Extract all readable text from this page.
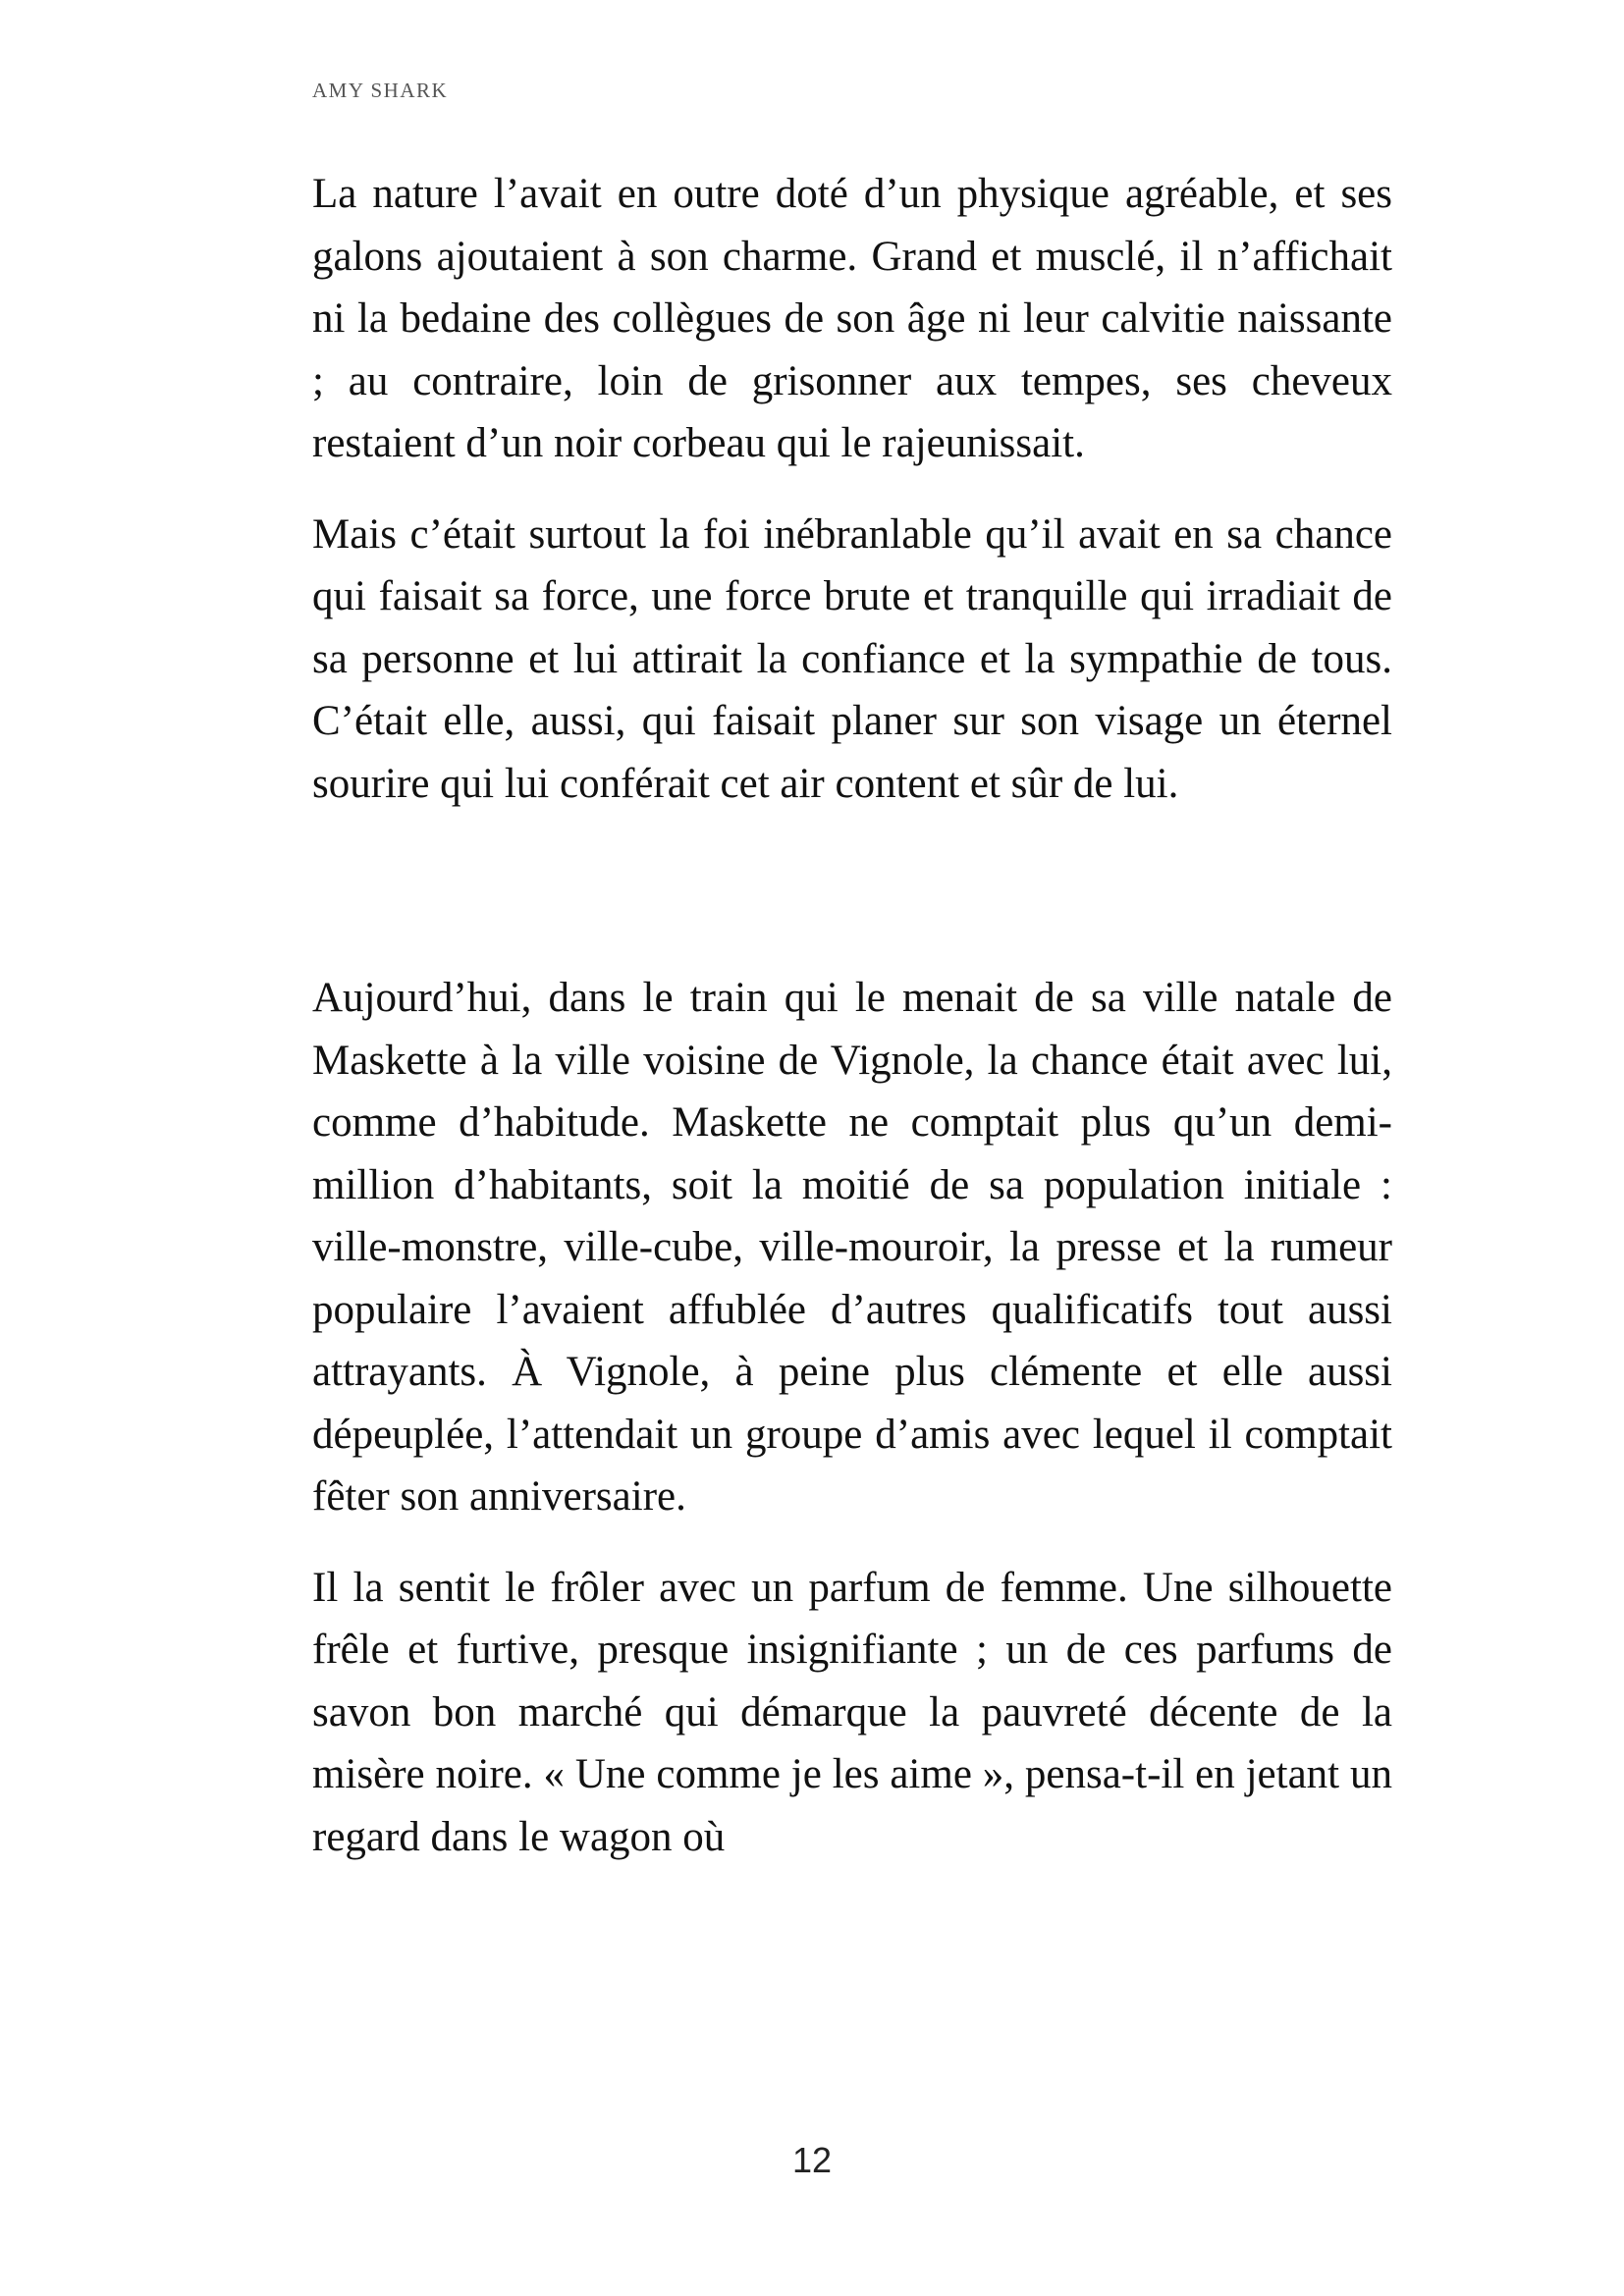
AMY SHARK

La nature l’avait en outre doté d’un physique agréable, et ses galons ajoutaient à son charme. Grand et musclé, il n’affichait ni la bedaine des collègues de son âge ni leur calvitie naissante ; au contraire, loin de grisonner aux tempes, ses cheveux restaient d’un noir corbeau qui le rajeunissait.

Mais c’était surtout la foi inébranlable qu’il avait en sa chance qui faisait sa force, une force brute et tranquille qui irradiait de sa personne et lui attirait la confiance et la sympathie de tous. C’était elle, aussi, qui faisait planer sur son visage un éternel sourire qui lui conférait cet air content et sûr de lui.

Aujourd’hui, dans le train qui le menait de sa ville natale de Maskette à la ville voisine de Vignole, la chance était avec lui, comme d’habitude. Maskette ne comptait plus qu’un demi-million d’habitants, soit la moitié de sa population initiale : ville-monstre, ville-cube, ville-mouroir, la presse et la rumeur populaire l’avaient affublée d’autres qualificatifs tout aussi attrayants. À Vignole, à peine plus clémente et elle aussi dépeuplée, l’attendait un groupe d’amis avec lequel il comptait fêter son anniversaire.

Il la sentit le frôler avec un parfum de femme. Une silhouette frêle et furtive, presque insignifiante ; un de ces parfums de savon bon marché qui démarque la pauvreté décente de la misère noire. « Une comme je les aime », pensa-t-il en jetant un regard dans le wagon où

12
